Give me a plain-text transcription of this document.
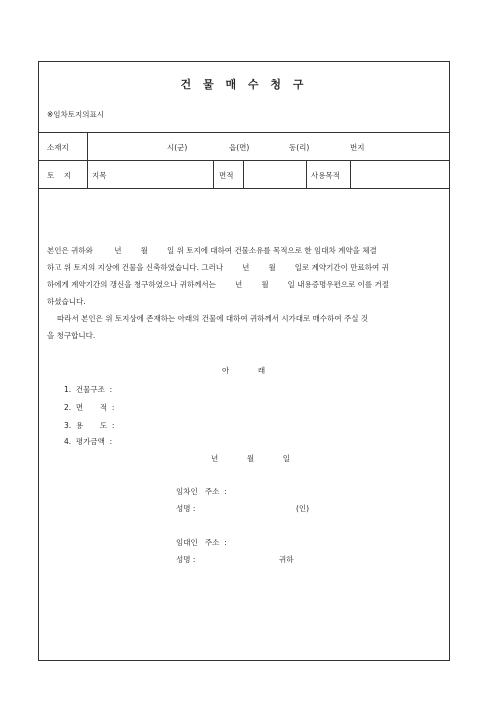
건 물 매 수 청 구
※임차토지의표시
소재지	시(군)	읍(면)	동(리)	번지
토    지	지목	면적	사용목적
본인은 귀하와         년        월        일 위 토지에 대하여 건물소유를 목적으로 한 임대차 계약을 체결
하고 위 토지의 지상에 건물을 신축하였습니다. 그러나        년        월        일로 계약기간이 만료하여 귀
하에게 계약기간의 갱신을 청구하였으나 귀하께서는        년        월        일 내용증명우편으로 이를 거절
하셨습니다.
따라서 본인은 위 토지상에 존재하는 아래의 건물에 대하여 귀하께서 시가대로 매수하여 주실 것
을 청구합니다.
아            래
1.  건물구조  :
2.  면       적  :
3.  용       도  :
4.  평가금액  :
년            월            일
임차인   주소  :
성명 :	(인)
임대인   주소  :
성명 :	귀하
